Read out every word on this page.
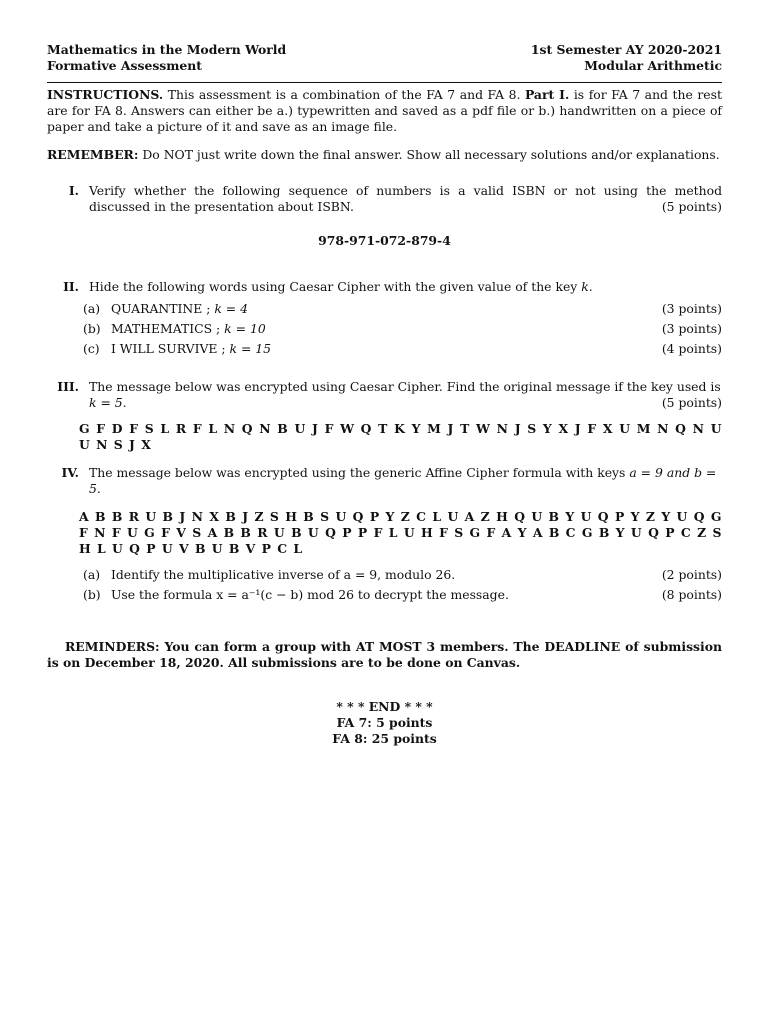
Mathematics in the Modern World
Formative Assessment
1st Semester AY 2020-2021
Modular Arithmetic
INSTRUCTIONS. This assessment is a combination of the FA 7 and FA 8. Part I. is for FA 7 and the rest are for FA 8. Answers can either be a.) typewritten and saved as a pdf file or b.) handwritten on a piece of paper and take a picture of it and save as an image file.
REMEMBER: Do NOT just write down the final answer. Show all necessary solutions and/or explanations.
I. Verify whether the following sequence of numbers is a valid ISBN or not using the method discussed in the presentation about ISBN.	(5 points)
978-971-072-879-4
II. Hide the following words using Caesar Cipher with the given value of the key k.
(a) QUARANTINE ; k = 4	(3 points)
(b) MATHEMATICS ; k = 10	(3 points)
(c) I WILL SURVIVE ; k = 15	(4 points)
III. The message below was encrypted using Caesar Cipher. Find the original message if the key used is k = 5.	(5 points)
G F D F S L R F L N Q N B U J F W Q T K Y M J T W N J S Y X J F X U M N Q N U U N S J X
IV. The message below was encrypted using the generic Affine Cipher formula with keys a = 9 and b = 5.
A B B R U B J N X B J Z S H B S U Q P Y Z C L U A Z H Q U B Y U Q P Y Z Y U Q G F N F U G F V S A B B R U B U Q P P F L U H F S G F A Y A B C G B Y U Q P C Z S H L U Q P U V B U B V P C L
(a) Identify the multiplicative inverse of a = 9, modulo 26.	(2 points)
(b) Use the formula x = a⁻¹(c − b) mod 26 to decrypt the message.	(8 points)
REMINDERS: You can form a group with AT MOST 3 members. The DEADLINE of submission is on December 18, 2020. All submissions are to be done on Canvas.
* * * END * * *
FA 7: 5 points
FA 8: 25 points
